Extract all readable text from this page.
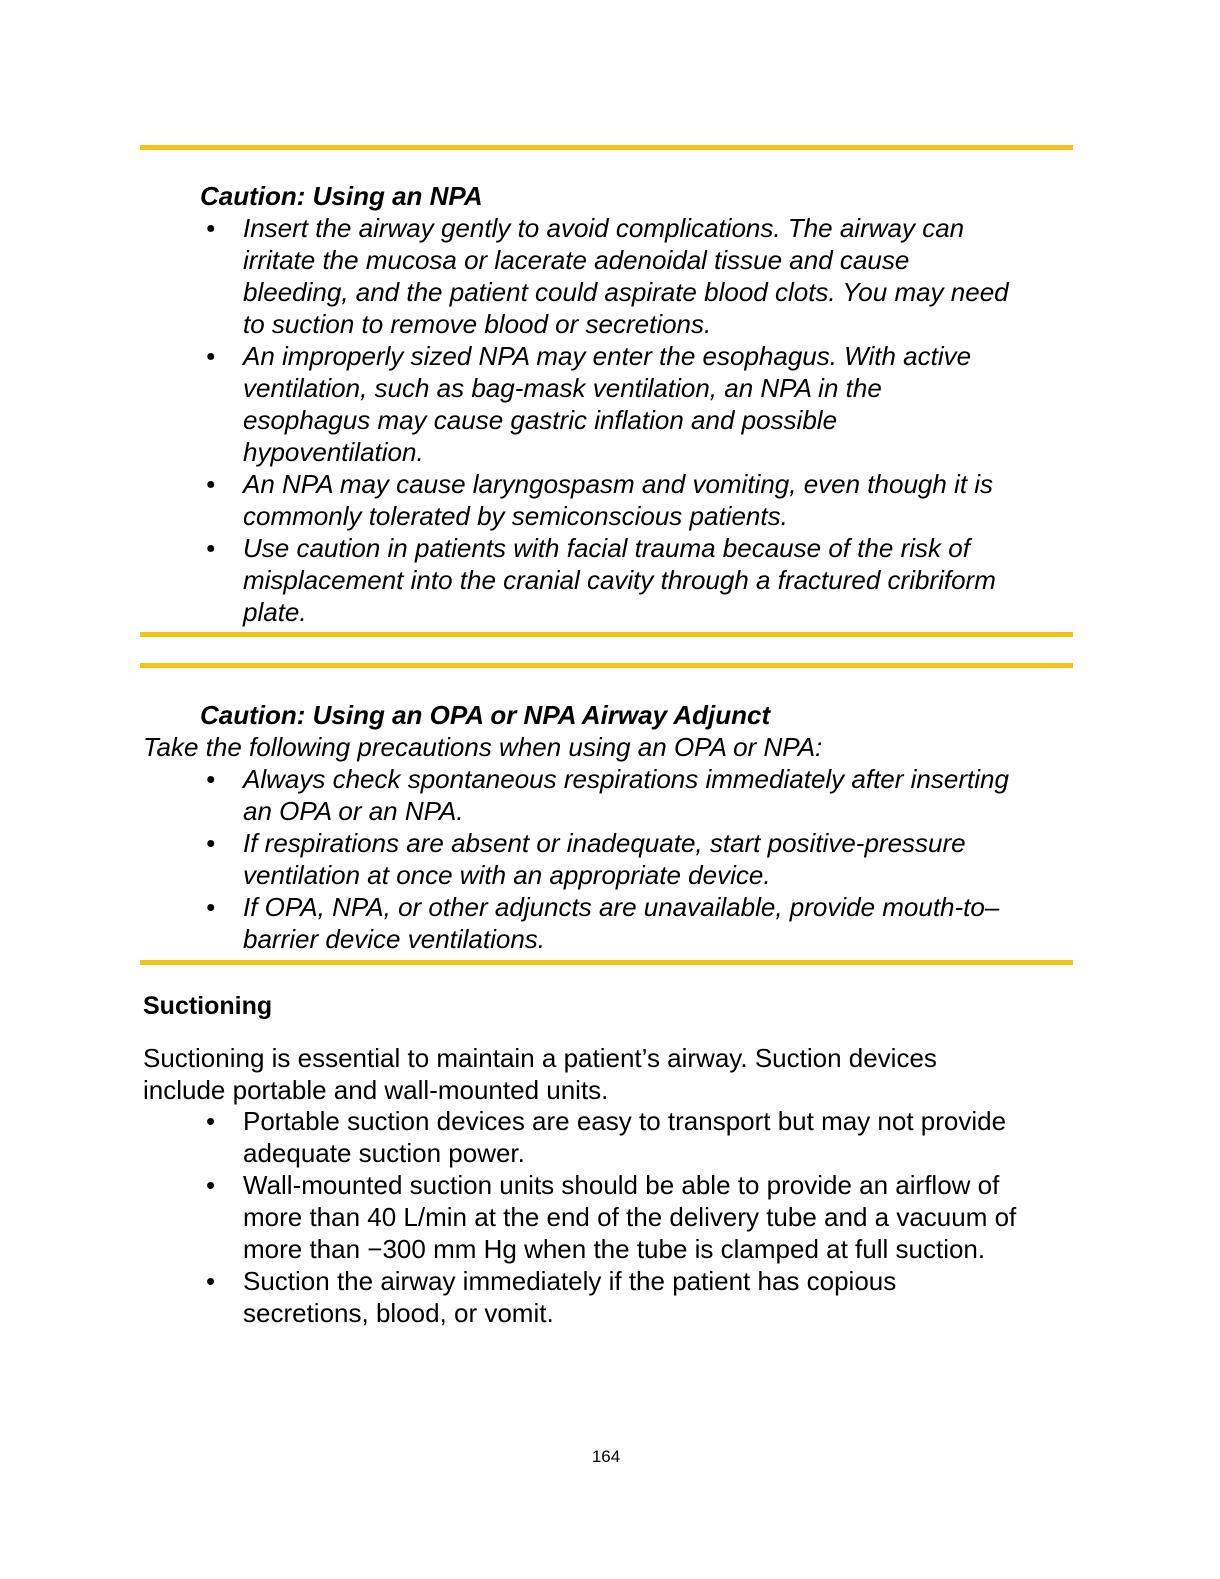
Caution: Using an NPA
• Insert the airway gently to avoid complications. The airway can
irritate the mucosa or lacerate adenoidal tissue and cause
bleeding, and the patient could aspirate blood clots. You may need
to suction to remove blood or secretions.
• An improperly sized NPA may enter the esophagus. With active
ventilation, such as bag-mask ventilation, an NPA in the
esophagus may cause gastric inflation and possible
hypoventilation.
• An NPA may cause laryngospasm and vomiting, even though it is
commonly tolerated by semiconscious patients.
• Use caution in patients with facial trauma because of the risk of
misplacement into the cranial cavity through a fractured cribriform
plate.
Caution: Using an OPA or NPA Airway Adjunct
Take the following precautions when using an OPA or NPA:
• Always check spontaneous respirations immediately after inserting
an OPA or an NPA.
• If respirations are absent or inadequate, start positive-pressure
ventilation at once with an appropriate device.
• If OPA, NPA, or other adjuncts are unavailable, provide mouth-to–
barrier device ventilations.
Suctioning
Suctioning is essential to maintain a patient’s airway. Suction devices
include portable and wall-mounted units.
• Portable suction devices are easy to transport but may not provide
adequate suction power.
• Wall-mounted suction units should be able to provide an airflow of
more than 40 L/min at the end of the delivery tube and a vacuum of
more than −300 mm Hg when the tube is clamped at full suction.
• Suction the airway immediately if the patient has copious
secretions, blood, or vomit.
164
